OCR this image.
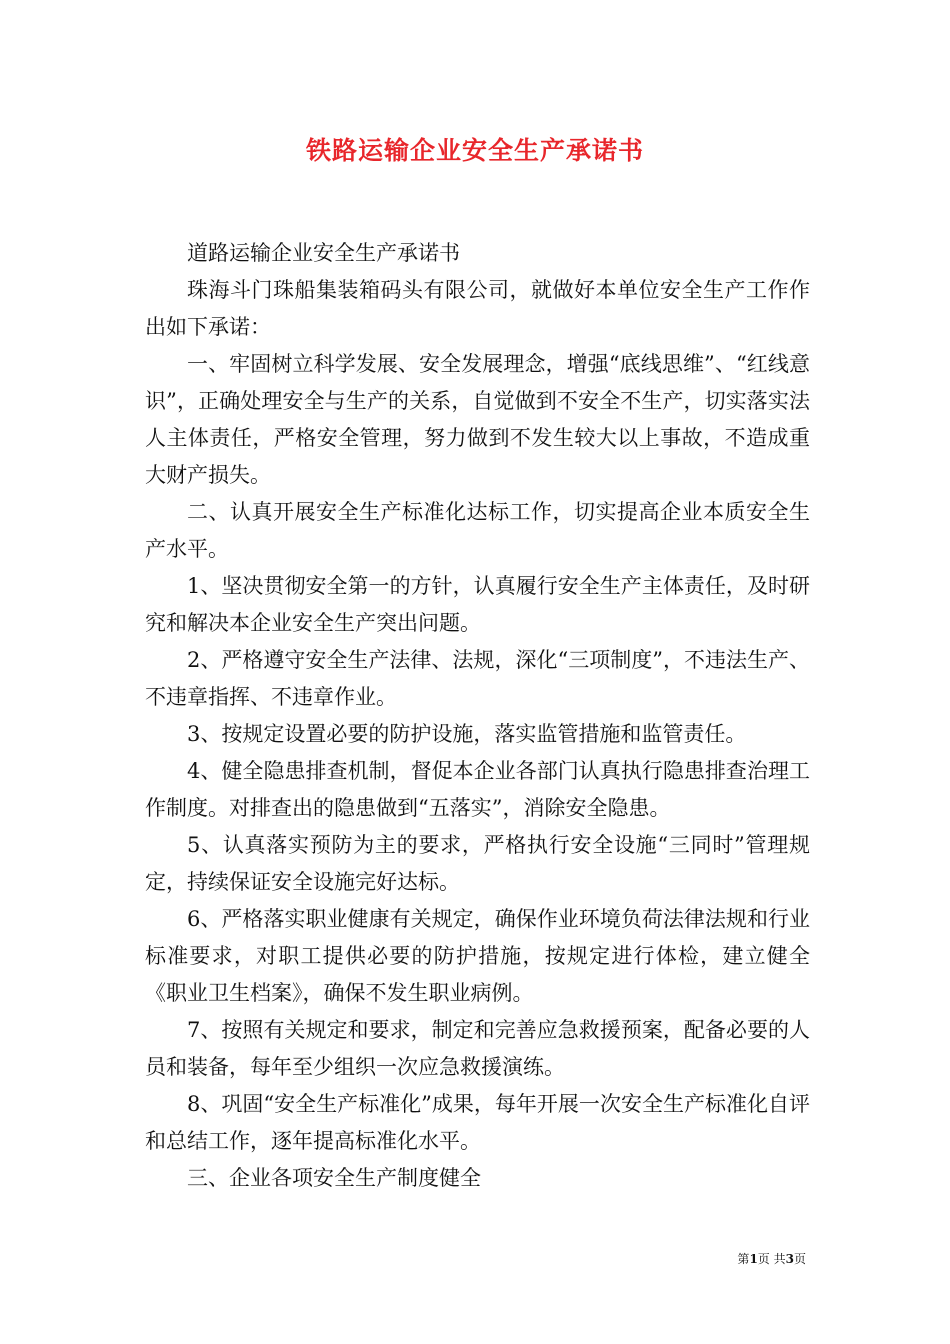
铁路运输企业安全生产承诺书

道路运输企业安全生产承诺书

珠海斗门珠船集装箱码头有限公司，就做好本单位安全生产工作作出如下承诺：

一、牢固树立科学发展、安全发展理念，增强“底线思维”、“红线意识”，正确处理安全与生产的关系，自觉做到不安全不生产，切实落实法人主体责任，严格安全管理，努力做到不发生较大以上事故，不造成重大财产损失。

二、认真开展安全生产标准化达标工作，切实提高企业本质安全生产水平。

1、坚决贯彻安全第一的方针，认真履行安全生产主体责任，及时研究和解决本企业安全生产突出问题。

2、严格遵守安全生产法律、法规，深化“三项制度”，不违法生产、不违章指挥、不违章作业。

3、按规定设置必要的防护设施，落实监管措施和监管责任。

4、健全隐患排查机制，督促本企业各部门认真执行隐患排查治理工作制度。对排查出的隐患做到“五落实”，消除安全隐患。

5、认真落实预防为主的要求，严格执行安全设施“三同时”管理规定，持续保证安全设施完好达标。

6、严格落实职业健康有关规定，确保作业环境负荷法律法规和行业标准要求，对职工提供必要的防护措施，按规定进行体检，建立健全《职业卫生档案》，确保不发生职业病例。

7、按照有关规定和要求，制定和完善应急救援预案，配备必要的人员和装备，每年至少组织一次应急救援演练。

8、巩固“安全生产标准化”成果，每年开展一次安全生产标准化自评和总结工作，逐年提高标准化水平。

三、企业各项安全生产制度健全

第1页 共3页
